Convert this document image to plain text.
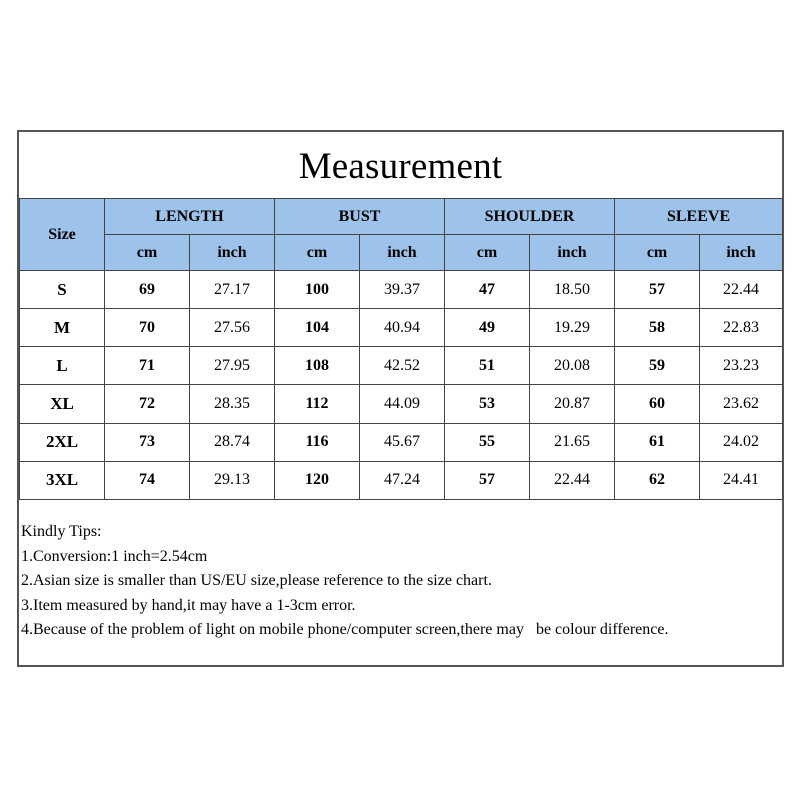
Measurement
Size	LENGTH		BUST		SHOULDER		SLEEVE	
	cm	inch	cm	inch	cm	inch	cm	inch
S	69	27.17	100	39.37	47	18.50	57	22.44
M	70	27.56	104	40.94	49	19.29	58	22.83
L	71	27.95	108	42.52	51	20.08	59	23.23
XL	72	28.35	112	44.09	53	20.87	60	23.62
2XL	73	28.74	116	45.67	55	21.65	61	24.02
3XL	74	29.13	120	47.24	57	22.44	62	24.41
Kindly Tips:
1.Conversion:1 inch=2.54cm
2.Asian size is smaller than US/EU size,please reference to the size chart.
3.Item measured by hand,it may have a 1-3cm error.
4.Because of the problem of light on mobile phone/computer screen,there may   be colour difference.
